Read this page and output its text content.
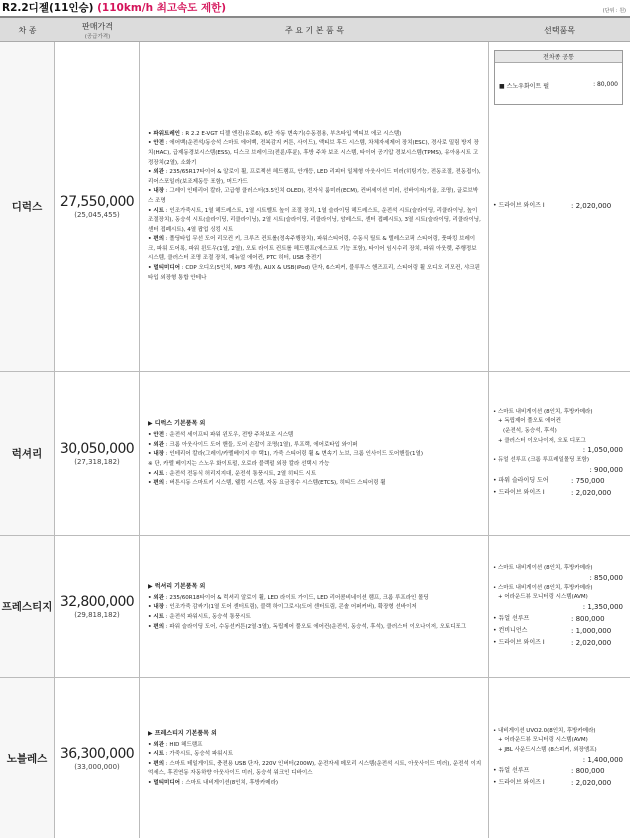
R2.2디젤(11인승) (110km/h 최고속도 제한)	(단위 : 원)
차 종	판매가격
(공급가격)
주 요 기 본 품 목	선택품목
디럭스	27,550,000
(25,045,455)
• 파워트레인 : R 2.2 E-VGT 디젤 엔진(유로6), 6단 자동 변속기(수동겸용, 부츠타입 액티브 에코 시스템)
• 안전 : 에어백(운전석/동승석 스마트 에어백, 전복감지 커튼, 사이드), 액티브 후드 시스템, 차체자세제어 장치(ESC), 경사로 밀림 방지 장치(HAC), 급제동경보시스템(ESS), 디스크 브레이크(전륜/후륜), 후방 주차 보조 시스템, 타이어 공기압 경보시스템(TPMS), 유아용시트 고정장치(2열), 소화기
• 외관 : 235/65R17타이어 & 알로이 휠, 프로젝션 헤드램프, 안개등, LED 리피터 일체형 아웃사이드 미러(히팅기능, 전동조절, 전동접이), 리어스포일러(보조제동등 포함), 머드가드
• 내장 : 그레이 인테리어 칼라, 고급형 클러스터(3.5인치 OLED), 전자식 룸미러(ECM), 컨버세이션 미러, 선바이저(거울, 조명), 글로브박스 조명
• 시트 : 인조가죽시트, 1열 헤드레스트, 1열 시트벨트 높이 조절 장치, 1열 슬라이딩 헤드레스트, 운전석 시트(슬라이딩, 리클라이닝, 높이 조절장치), 동승석 시트(슬라이딩, 리클라이닝), 2열 시트(슬라이딩, 리클라이닝, 암레스트, 센터 접폐시트), 3열 시트(슬라이딩, 리클라이닝, 센터 접폐시트), 4열 팝업 싱킹 시트
• 편의 : 폴딩타입 무선 도어 리모컨 키, 크루즈 컨트롤(정속주행장치), 파워스티어링, 수동식 틸트 & 텔레스코픽 스티어링, 풋파킹 브레이크, 파워 도어록, 파워 윈도우(1열, 2열), 오토 라이트 컨트롤 헤드램프(에스코트 기능 포함), 타이어 임시수리 장치, 파워 아웃렛, 주행정보 시스템, 클러스터 조명 조절 장치, 매뉴얼 에어컨, PTC 히터, USB 충전기
• 멀티미디어 : CDP 오디오(5인치, MP3 재생), AUX & USB(iPod) 단자, 6스피커, 블루투스 핸즈프리, 스티어링 휠 오디오 리모컨, 샤크핀 타입 외장형 통합 안테나
전차종 공통
■ 스노우화이트 펄	: 80,000
• 드라이브 와이즈 I	: 2,020,000
럭셔리	30,050,000
(27,318,182)
▶ 디럭스 기본품목 외
• 안전 : 운전석 세이프티 파워 윈도우, 전방 주차보조 시스템
• 외관 : 크롬 아웃사이드 도어 핸들, 도어 손잡이 조명(1열), 루프랙, 에어로타입 와이퍼
• 내장 : 인테리어 칼라(그레이/카멜베이지 中 택1), 가죽 스티어링 휠 & 변속기 노브, 크롬 인사이드 도어핸들(1열)
※ 단, 카멜 베이지는 스노우 화이트펄, 오로라 블랙펄 외장 칼라 선택시 가능
• 시트 : 운전석 전동식 허리지지대, 운전석 통풍시트, 2열 히티드 시트
• 편의 : 버튼시동 스마트키 시스템, 웰컴 시스템, 자동 요금징수 시스템(ETCS), 히티드 스티어링 휠
• 스마트 내비게이션 (8인치, 후방카메라)
+ 독립제어 풀오토 에어컨
(운전석, 동승석, 후석)
+ 클러스터 이오나이저, 오토 디포그
: 1,050,000
• 듀얼 선루프 (크롬 루프레일몰딩 포함)
: 900,000
• 파워 슬라이딩 도어	: 750,000
• 드라이브 와이즈 I	: 2,020,000
프레스티지 32,800,000
(29,818,182)
▶ 럭셔리 기본품목 외
• 외관 : 235/60R18타이어 & 럭셔리 알로이 휠, LED 라이트 가이드, LED 리어콤비네이션 램프, 크롬 루프라인 몰딩
• 내장 : 인조가죽 감싸기(1열 도어 센터트림), 블랙 하이그로시(도어 센터트림, 콘솔 어퍼커버), 확장형 선바이저
• 시트 : 운전석 파워시트, 동승석 통풍시트
• 편의 : 파워 슬라이딩 도어, 수동선커튼(2열·3열), 독립제어 풀오토 에어컨(운전석, 동승석, 후석), 클러스터 이오나이저, 오토디포그
• 스마트 내비게이션 (8인치, 후방카메라)
: 850,000
• 스마트 내비게이션 (8인치, 후방카메라)
+ 어라운드뷰 모니터링 시스템(AVM)
: 1,350,000
• 듀얼 선루프	: 800,000
• 컨비니언스	: 1,000,000
• 드라이브 와이즈 I	: 2,020,000
노블레스 36,300,000
(33,000,000)
▶ 프레스티지 기본품목 외
• 외관 : HID 헤드램프
• 시트 : 가죽시트, 동승석 파워시트
• 편의 : 스마트 테일게이트, 충전용 USB 단자, 220V 인버터(200W), 운전자세 메모리 시스템(운전석 시트, 아웃사이드 미러), 운전석 이지억세스, 후진연동 자동하향 아웃사이드 미러, 동승석 워크인 디바이스
• 멀티미디어 : 스마트 내비게이션(8인치, 후방카메라)
• 내비게이션 UVO2.0(8인치, 후방카메라)
+ 어라운드뷰 모니터링 시스템(AVM)
+ JBL 사운드시스템 (8스피커, 외장앰프)
: 1,400,000
• 듀얼 선루프	: 800,000
• 드라이브 와이즈 I	: 2,020,000
